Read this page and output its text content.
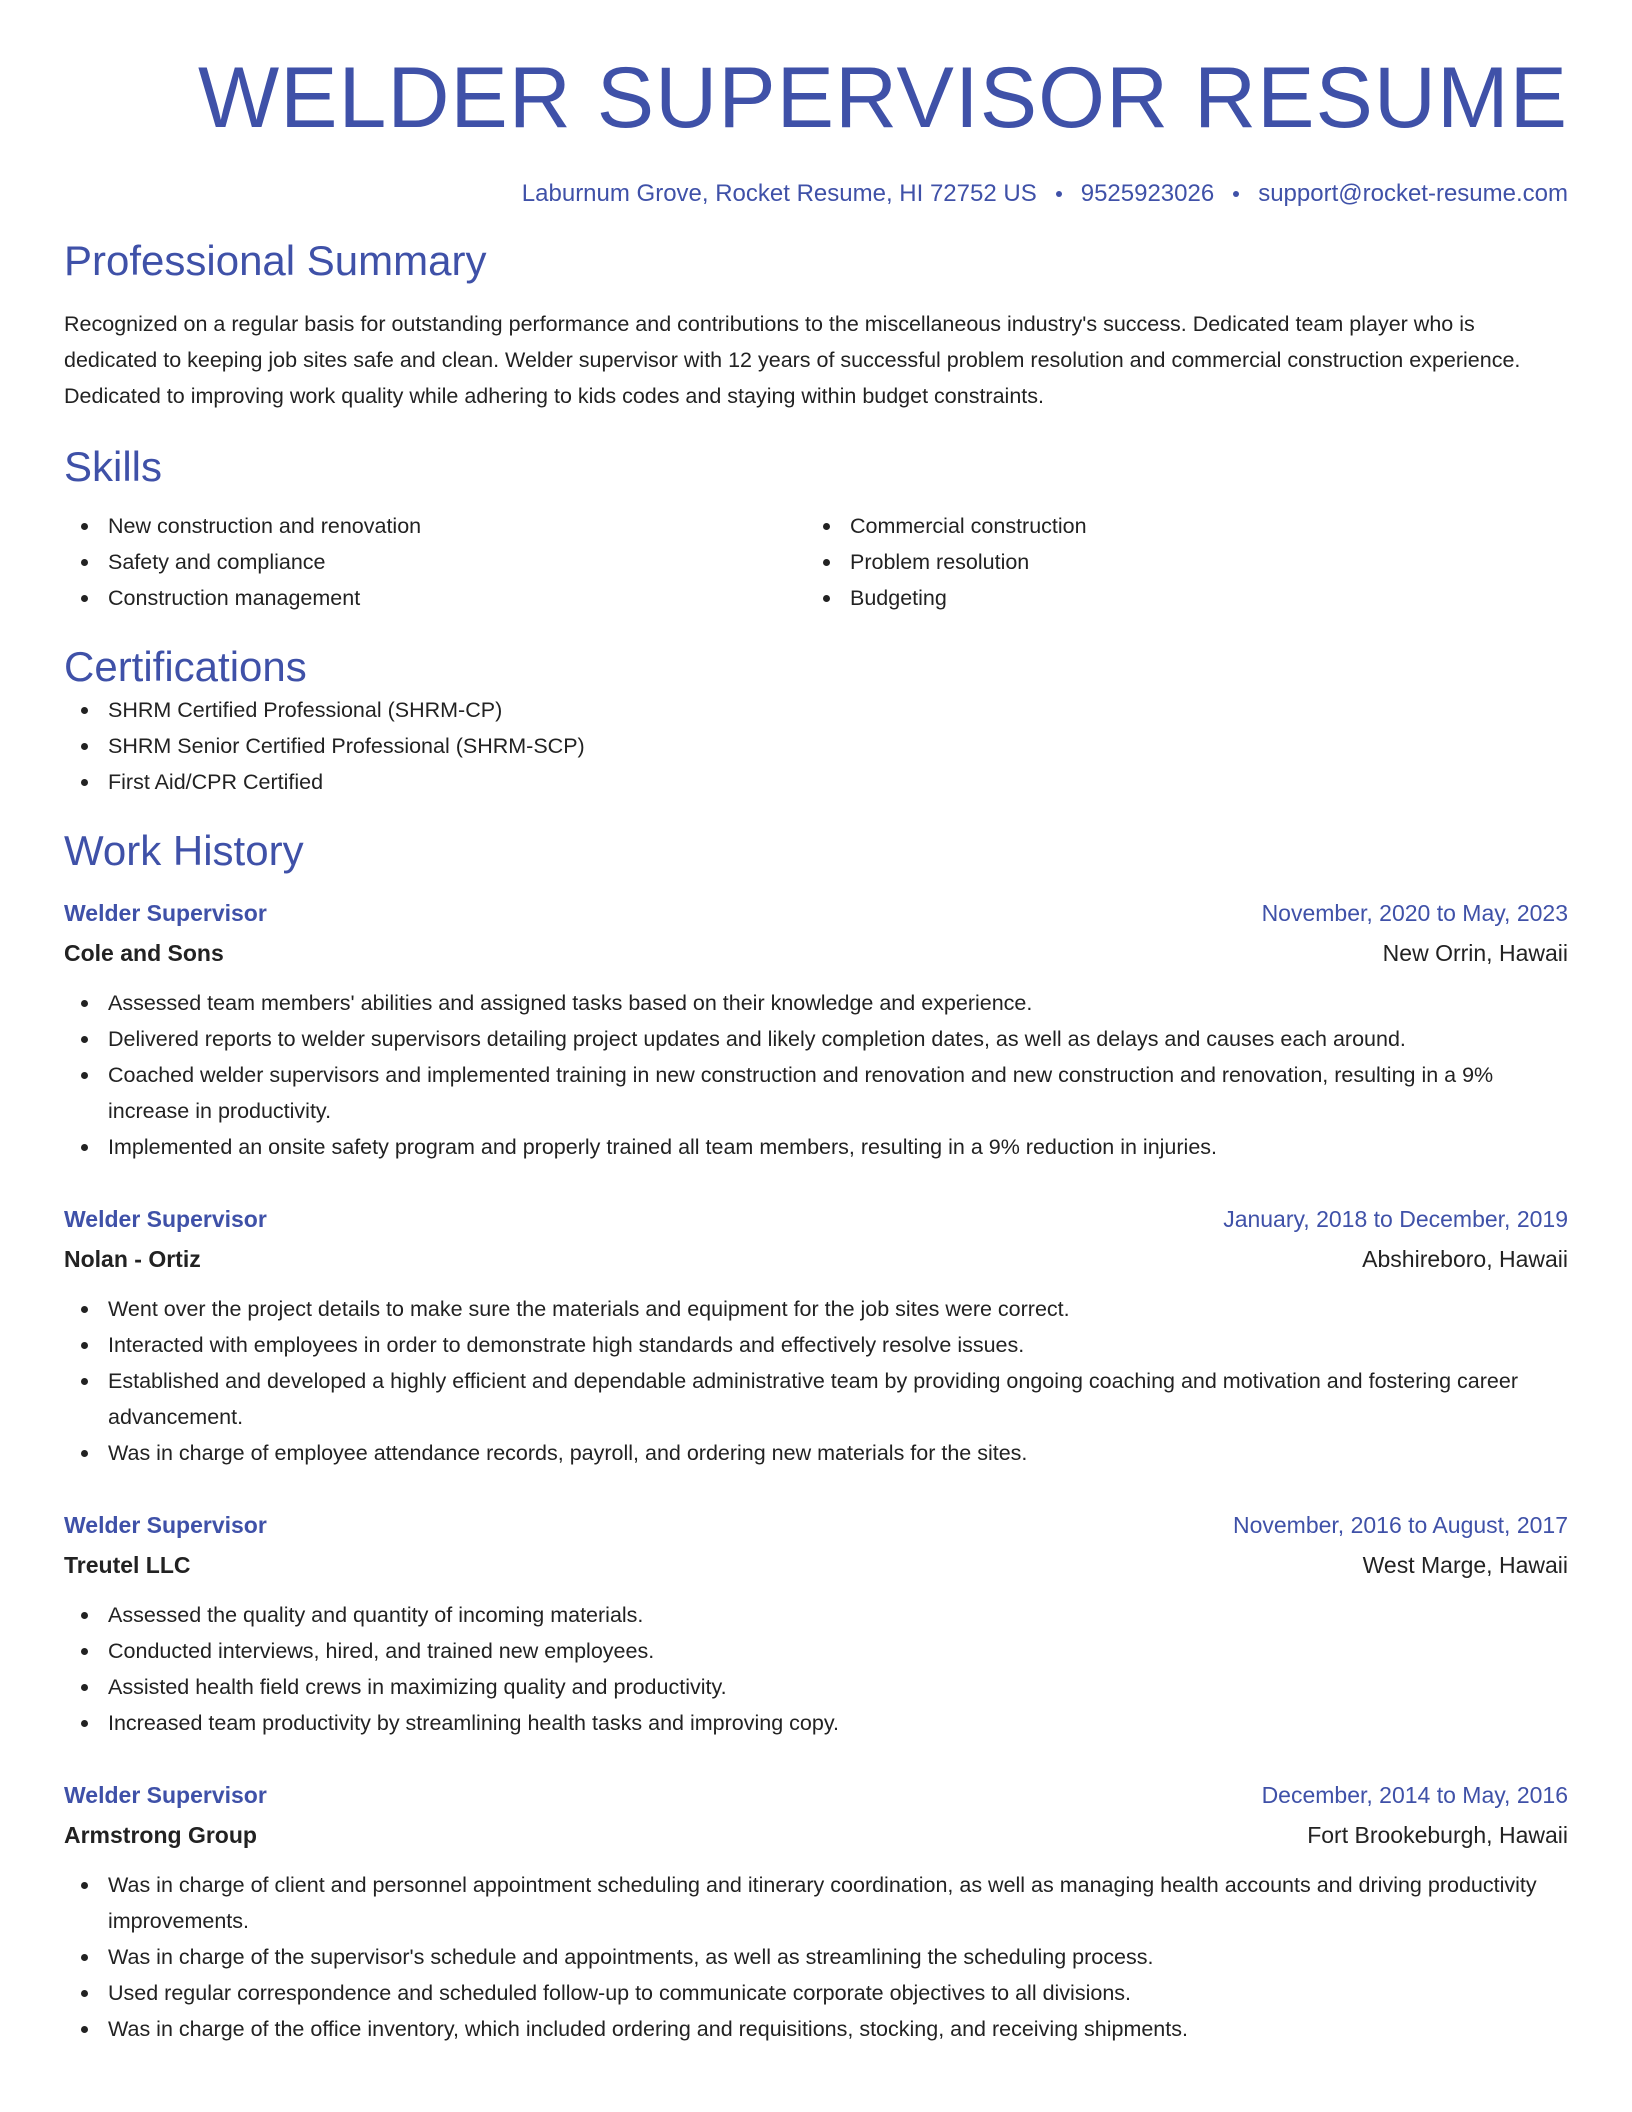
WELDER SUPERVISOR RESUME
Laburnum Grove, Rocket Resume, HI 72752 US 9525923026 support@rocket-resume.com
Professional Summary

Recognized on a regular basis for outstanding performance and contributions to the miscellaneous industry's success. Dedicated team player who is dedicated to keeping job sites safe and clean. Welder supervisor with 12 years of successful problem resolution and commercial construction experience. Dedicated to improving work quality while adhering to kids codes and staying within budget constraints.

Skills
New construction and renovation
Safety and compliance
Construction management
Commercial construction
Problem resolution
Budgeting
Certifications
SHRM Certified Professional (SHRM-CP)
SHRM Senior Certified Professional (SHRM-SCP)
First Aid/CPR Certified
Work History
Welder Supervisor	November, 2020 to May, 2023
Cole and Sons	New Orrin, Hawaii
Assessed team members' abilities and assigned tasks based on their knowledge and experience.
Delivered reports to welder supervisors detailing project updates and likely completion dates, as well as delays and causes each around.
Coached welder supervisors and implemented training in new construction and renovation and new construction and renovation, resulting in a 9% increase in productivity.
Implemented an onsite safety program and properly trained all team members, resulting in a 9% reduction in injuries.
Welder Supervisor	January, 2018 to December, 2019
Nolan - Ortiz	Abshireboro, Hawaii
Went over the project details to make sure the materials and equipment for the job sites were correct.
Interacted with employees in order to demonstrate high standards and effectively resolve issues.
Established and developed a highly efficient and dependable administrative team by providing ongoing coaching and motivation and fostering career advancement.
Was in charge of employee attendance records, payroll, and ordering new materials for the sites.
Welder Supervisor	November, 2016 to August, 2017
Treutel LLC	West Marge, Hawaii
Assessed the quality and quantity of incoming materials.
Conducted interviews, hired, and trained new employees.
Assisted health field crews in maximizing quality and productivity.
Increased team productivity by streamlining health tasks and improving copy.
Welder Supervisor	December, 2014 to May, 2016
Armstrong Group	Fort Brookeburgh, Hawaii
Was in charge of client and personnel appointment scheduling and itinerary coordination, as well as managing health accounts and driving productivity improvements.
Was in charge of the supervisor's schedule and appointments, as well as streamlining the scheduling process.
Used regular correspondence and scheduled follow-up to communicate corporate objectives to all divisions.
Was in charge of the office inventory, which included ordering and requisitions, stocking, and receiving shipments.
